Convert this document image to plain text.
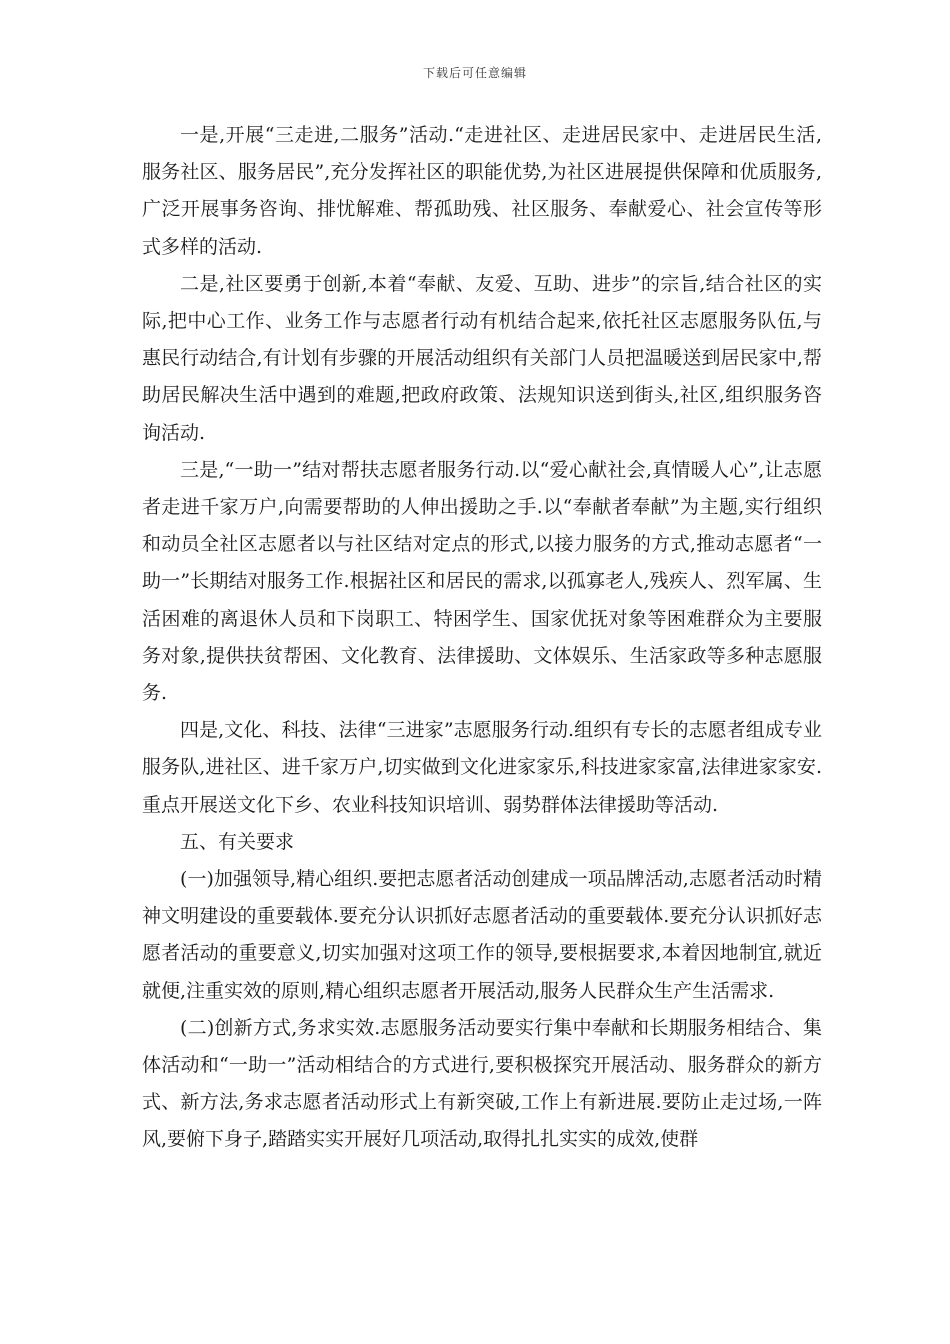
下载后可任意编辑

一是,开展“三走进,二服务”活动.“走进社区、走进居民家中、走进居民生活,服务社区、服务居民”,充分发挥社区的职能优势,为社区进展提供保障和优质服务,广泛开展事务咨询、排忧解难、帮孤助残、社区服务、奉献爱心、社会宣传等形式多样的活动.

二是,社区要勇于创新,本着“奉献、友爱、互助、进步”的宗旨,结合社区的实际,把中心工作、业务工作与志愿者行动有机结合起来,依托社区志愿服务队伍,与惠民行动结合,有计划有步骤的开展活动组织有关部门人员把温暖送到居民家中,帮助居民解决生活中遇到的难题,把政府政策、法规知识送到街头,社区,组织服务咨询活动.

三是,“一助一”结对帮扶志愿者服务行动.以“爱心献社会,真情暖人心”,让志愿者走进千家万户,向需要帮助的人伸出援助之手.以“奉献者奉献”为主题,实行组织和动员全社区志愿者以与社区结对定点的形式,以接力服务的方式,推动志愿者“一助一”长期结对服务工作.根据社区和居民的需求,以孤寡老人,残疾人、烈军属、生活困难的离退休人员和下岗职工、特困学生、国家优抚对象等困难群众为主要服务对象,提供扶贫帮困、文化教育、法律援助、文体娱乐、生活家政等多种志愿服务.

四是,文化、科技、法律“三进家”志愿服务行动.组织有专长的志愿者组成专业服务队,进社区、进千家万户,切实做到文化进家家乐,科技进家家富,法律进家家安.重点开展送文化下乡、农业科技知识培训、弱势群体法律援助等活动.

五、有关要求

(一)加强领导,精心组织.要把志愿者活动创建成一项品牌活动,志愿者活动时精神文明建设的重要载体.要充分认识抓好志愿者活动的重要载体.要充分认识抓好志愿者活动的重要意义,切实加强对这项工作的领导,要根据要求,本着因地制宜,就近就便,注重实效的原则,精心组织志愿者开展活动,服务人民群众生产生活需求.

(二)创新方式,务求实效.志愿服务活动要实行集中奉献和长期服务相结合、集体活动和“一助一”活动相结合的方式进行,要积极探究开展活动、服务群众的新方式、新方法,务求志愿者活动形式上有新突破,工作上有新进展.要防止走过场,一阵风,要俯下身子,踏踏实实开展好几项活动,取得扎扎实实的成效,使群
